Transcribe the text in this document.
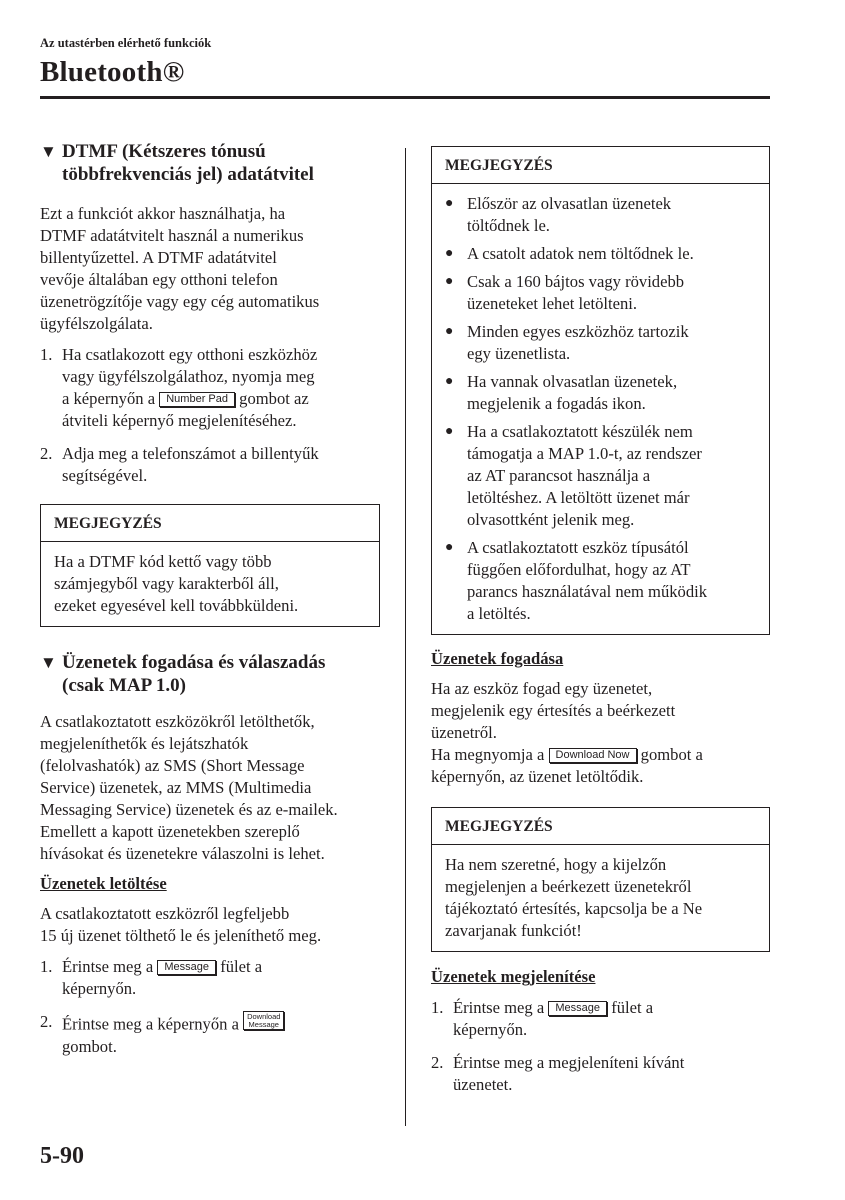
Az utastérben elérhető funkciók
Bluetooth®
▼ DTMF (Kétszeres tónusú
többfrekvenciás jel) adatátvitel

Ezt a funkciót akkor használhatja, ha
DTMF adatátvitelt használ a numerikus
billentyűzettel. A DTMF adatátvitel
vevője általában egy otthoni telefon
üzenetrögzítője vagy egy cég automatikus
ügyfélszolgálata.

1. Ha csatlakozott egy otthoni eszközhöz
vagy ügyfélszolgálathoz, nyomja meg
a képernyőn a Number Pad gombot az
átviteli képernyő megjelenítéséhez.
2. Adja meg a telefonszámot a billentyűk
segítségével.
MEGJEGYZÉS
Ha a DTMF kód kettő vagy több
számjegyből vagy karakterből áll,
ezeket egyesével kell továbbküldeni.
▼ Üzenetek fogadása és válaszadás
(csak MAP 1.0)

A csatlakoztatott eszközökről letölthetők,
megjeleníthetők és lejátszhatók
(felolvashatók) az SMS (Short Message
Service) üzenetek, az MMS (Multimedia
Messaging Service) üzenetek és az e-mailek.
Emellett a kapott üzenetekben szereplő
hívásokat és üzenetekre válaszolni is lehet.

Üzenetek letöltése

A csatlakoztatott eszközről legfeljebb
15 új üzenet tölthető le és jeleníthető meg.

1. Érintse meg a Message fület a
képernyőn.
2. Érintse meg a képernyőn a Download
Message
gombot.
MEGJEGYZÉS
● Először az olvasatlan üzenetek
töltődnek le.
● A csatolt adatok nem töltődnek le.
● Csak a 160 bájtos vagy rövidebb
üzeneteket lehet letölteni.
● Minden egyes eszközhöz tartozik
egy üzenetlista.
● Ha vannak olvasatlan üzenetek,
megjelenik a fogadás ikon.
● Ha a csatlakoztatott készülék nem
támogatja a MAP 1.0-t, az rendszer
az AT parancsot használja a
letöltéshez. A letöltött üzenet már
olvasottként jelenik meg.
● A csatlakoztatott eszköz típusától
függően előfordulhat, hogy az AT
parancs használatával nem működik
a letöltés.
Üzenetek fogadása

Ha az eszköz fogad egy üzenetet,
megjelenik egy értesítés a beérkezett
üzenetről.
Ha megnyomja a Download Now gombot a
képernyőn, az üzenet letöltődik.

MEGJEGYZÉS
Ha nem szeretné, hogy a kijelzőn
megjelenjen a beérkezett üzenetekről
tájékoztató értesítés, kapcsolja be a Ne
zavarjanak funkciót!
Üzenetek megjelenítése
1. Érintse meg a Message fület a
képernyőn.
2. Érintse meg a megjeleníteni kívánt
üzenetet.
5-90
